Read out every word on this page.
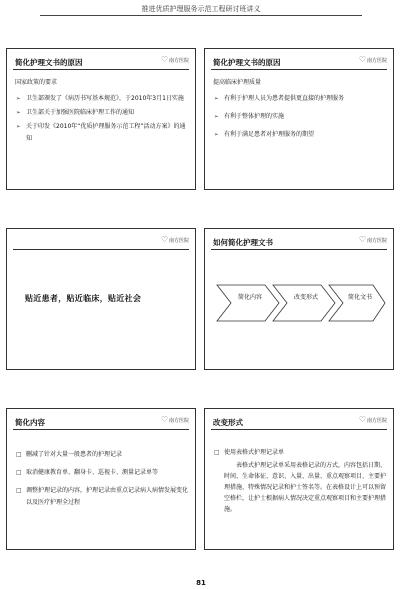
推进优质护理服务示范工程研讨班讲义
简化护理文书的原因	♡ 南方医院
国家政策的要求
➢ 卫生部颁发了《病历书写基本规范》，于2010年3月1日实施
➢ 卫生部关于加强医院临床护理工作的通知
➢ 关于印发《2010年“优质护理服务示范工程”活动方案》的通知
简化护理文书的原因	♡ 南方医院
提高临床护理质量
➢ 有利于护理人员为患者提供更直接的护理服务
➢ 有利于整体护理的实施
➢ 有利于满足患者对护理服务的期望
♡ 南方医院
贴近患者，贴近临床，贴近社会
如何简化护理文书	♡ 南方医院
简化内容	改变形式	简化文书
简化内容	♡ 南方医院
□ 删减了针对大量一般患者的护理记录
□ 取消健康教育单、翻身卡、巡视卡、测量记录单等
□ 调整护理记录的内容，护理记录由重点记录病人病情发展变化以及医疗护理全过程
改变形式	♡ 南方医院
□ 使用表格式护理记录单
表格式护理记录单采用表格记录的方式，内容包括日期、时间、生命体征、意识、入量、出量、重点观察项目、主要护理措施、特殊情况记录和护士签名等。在表格设计上可以预留空格栏，让护士根据病人情况决定重点观察项目和主要护理措施。
81
